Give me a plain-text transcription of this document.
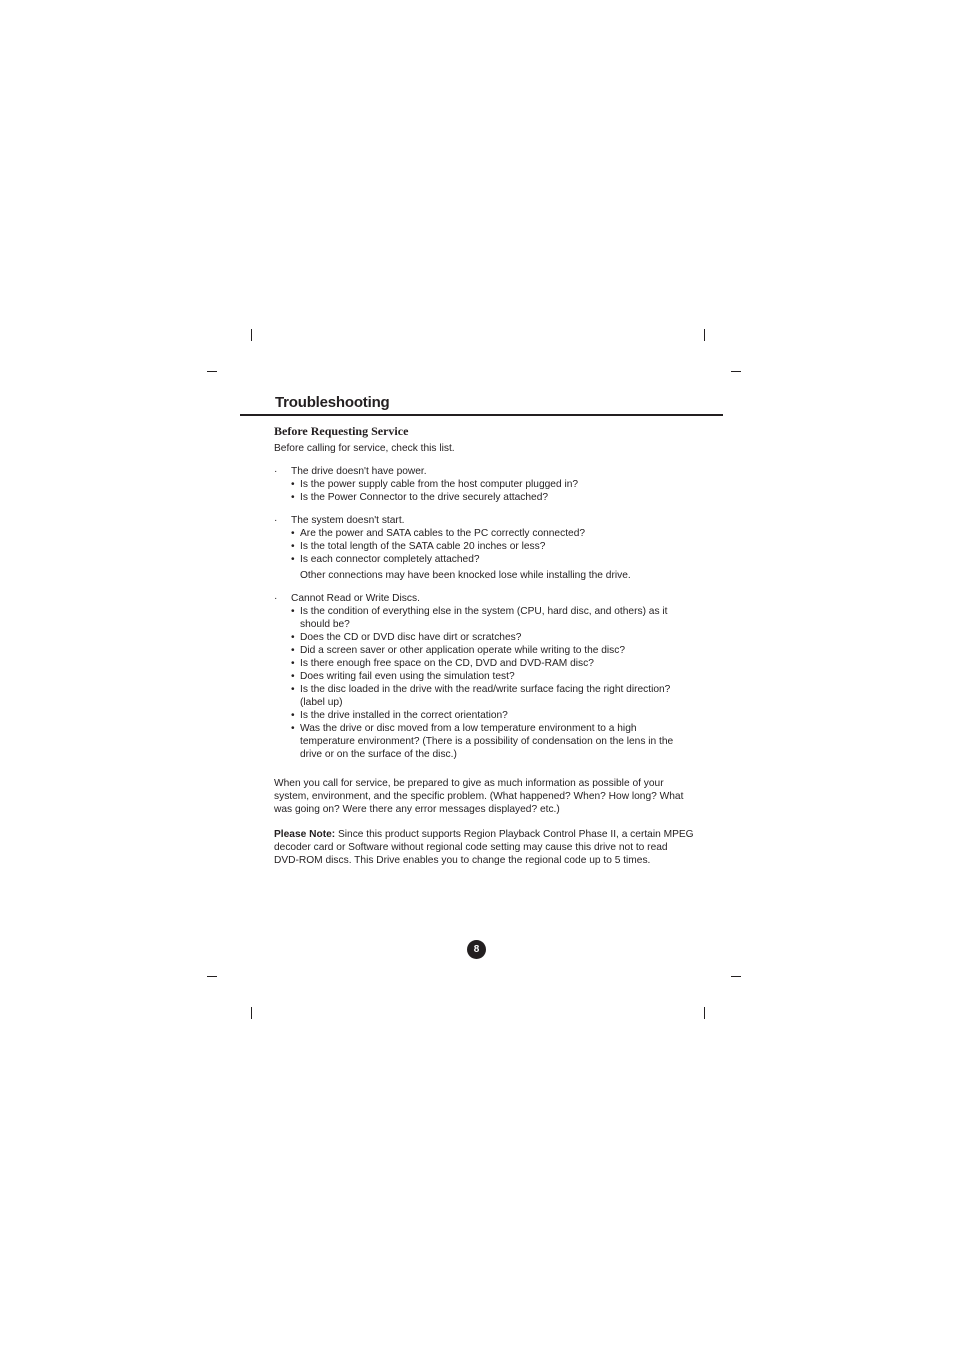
Troubleshooting
Before Requesting Service
Before calling for service, check this list.
· The drive doesn't have power.
• Is the power supply cable from the host computer plugged in?
• Is the Power Connector to the drive securely attached?
· The system doesn't start.
• Are the power and SATA cables to the PC correctly connected?
• Is the total length of the SATA cable 20 inches or less?
• Is each connector completely attached?
Other connections may have been knocked lose while installing the drive.
· Cannot Read or Write Discs.
• Is the condition of everything else in the system (CPU, hard disc, and others) as it should be?
• Does the CD or DVD disc have dirt or scratches?
• Did a screen saver or other application operate while writing to the disc?
• Is there enough free space on the CD, DVD and DVD-RAM disc?
• Does writing fail even using the simulation test?
• Is the disc loaded in the drive with the read/write surface facing the right direction? (label up)
• Is the drive installed in the correct orientation?
• Was the drive or disc moved from a low temperature environment to a high temperature environment? (There is a possibility of condensation on the lens in the drive or on the surface of the disc.)
When you call for service, be prepared to give as much information as possible of your system, environment, and the specific problem. (What happened? When? How long? What was going on? Were there any error messages displayed? etc.)
Please Note: Since this product supports Region Playback Control Phase II, a certain MPEG decoder card or Software without regional code setting may cause this drive not to read DVD-ROM discs. This Drive enables you to change the regional code up to 5 times.
8
